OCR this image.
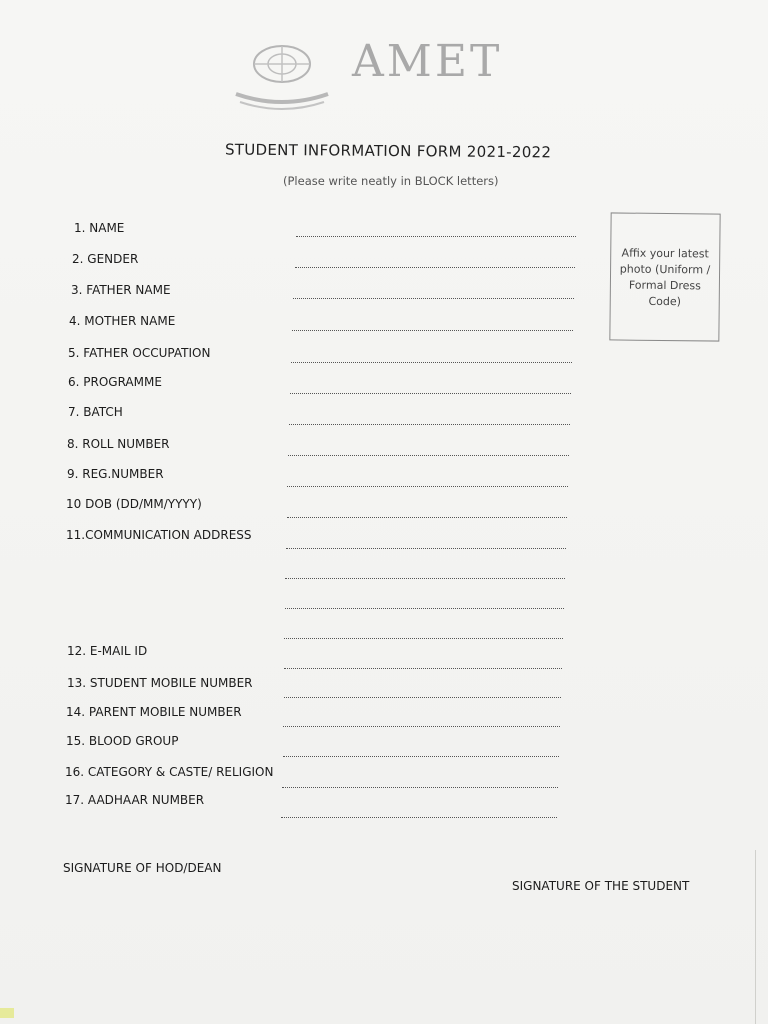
AMET
STUDENT INFORMATION FORM 2021-2022
(Please write neatly in BLOCK letters)
Affix your latest photo (Uniform / Formal Dress Code)
1. NAME
2. GENDER
3. FATHER NAME
4. MOTHER NAME
5. FATHER OCCUPATION
6. PROGRAMME
7. BATCH
8. ROLL NUMBER
9. REG.NUMBER
10 DOB (DD/MM/YYYY)
11.COMMUNICATION ADDRESS
12. E-MAIL ID
13. STUDENT MOBILE NUMBER
14. PARENT MOBILE NUMBER
15. BLOOD GROUP
16. CATEGORY & CASTE/ RELIGION
17. AADHAAR NUMBER
SIGNATURE OF HOD/DEAN
SIGNATURE OF THE STUDENT
